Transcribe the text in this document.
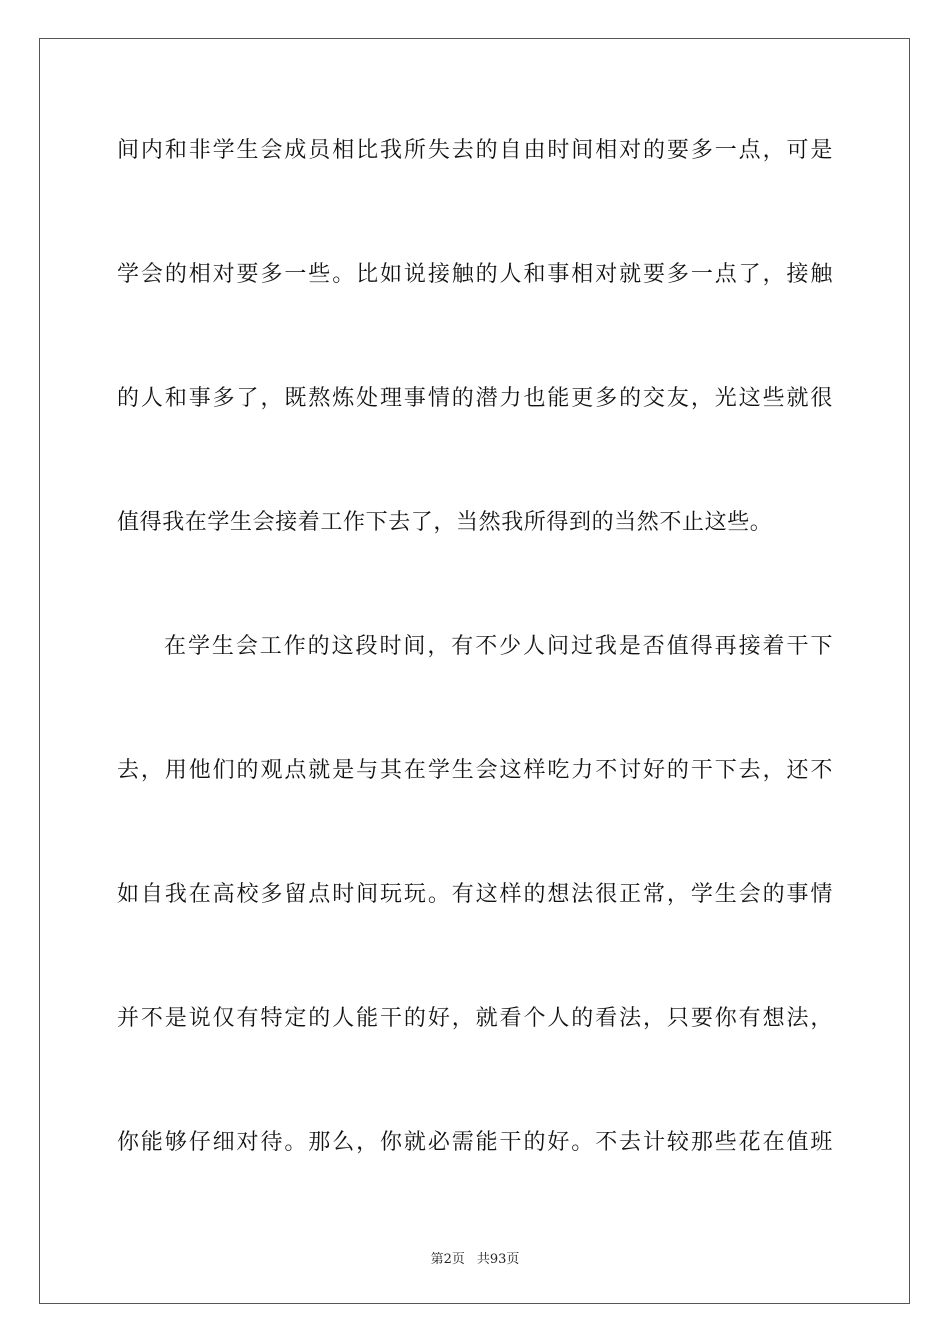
间内和非学生会成员相比我所失去的自由时间相对的要多一点，可是
学会的相对要多一些。比如说接触的人和事相对就要多一点了，接触
的人和事多了，既熬炼处理事情的潜力也能更多的交友，光这些就很
值得我在学生会接着工作下去了，当然我所得到的当然不止这些。
在学生会工作的这段时间，有不少人问过我是否值得再接着干下
去，用他们的观点就是与其在学生会这样吃力不讨好的干下去，还不
如自我在高校多留点时间玩玩。有这样的想法很正常，学生会的事情
并不是说仅有特定的人能干的好，就看个人的看法，只要你有想法，
你能够仔细对待。那么，你就必需能干的好。不去计较那些花在值班
第2页 共93页
